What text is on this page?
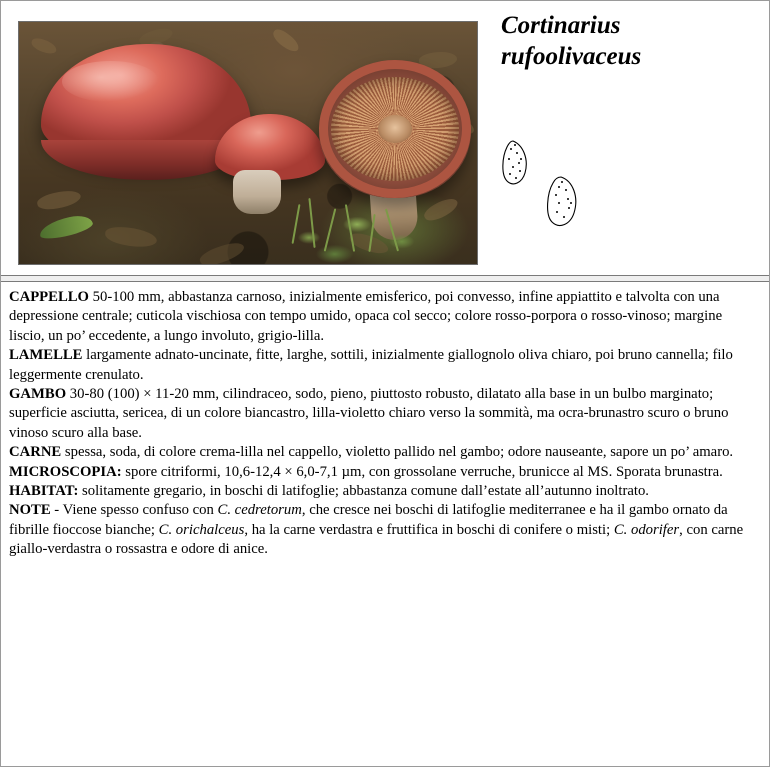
Cortinarius
rufoolivaceus

CAPPELLO 50-100 mm, abbastanza carnoso, inizialmente emisferico, poi convesso, infine appiattito e talvolta con una depressione centrale; cuticola vischiosa con tempo umido, opaca col secco; colore rosso-porpora o rosso-vinoso; margine liscio, un po’ eccedente, a lungo involuto, grigio-lilla.

LAMELLE largamente adnato-uncinate, fitte, larghe, sottili, inizialmente giallognolo oliva chiaro, poi bruno cannella; filo leggermente crenulato.

GAMBO 30-80 (100) × 11-20 mm, cilindraceo, sodo, pieno, piuttosto robusto, dilatato alla base in un bulbo marginato; superficie asciutta, sericea, di un colore biancastro, lilla-violetto chiaro verso la sommità, ma ocra-brunastro scuro o bruno vinoso scuro alla base.

CARNE spessa, soda, di colore crema-lilla nel cappello, violetto pallido nel gambo; odore nauseante, sapore un po’ amaro.

MICROSCOPIA: spore citriformi, 10,6-12,4 × 6,0-7,1 µm, con grossolane verruche, brunicce al MS. Sporata brunastra.

HABITAT: solitamente gregario, in boschi di latifoglie; abbastanza comune dall’estate all’autunno inoltrato.

NOTE - Viene spesso confuso con C. cedretorum, che cresce nei boschi di latifoglie mediterranee e ha il gambo ornato da fibrille fioccose bianche; C. orichalceus, ha la carne verdastra e fruttifica in boschi di conifere o misti; C. odorifer, con carne giallo-verdastra o rossastra e odore di anice.
